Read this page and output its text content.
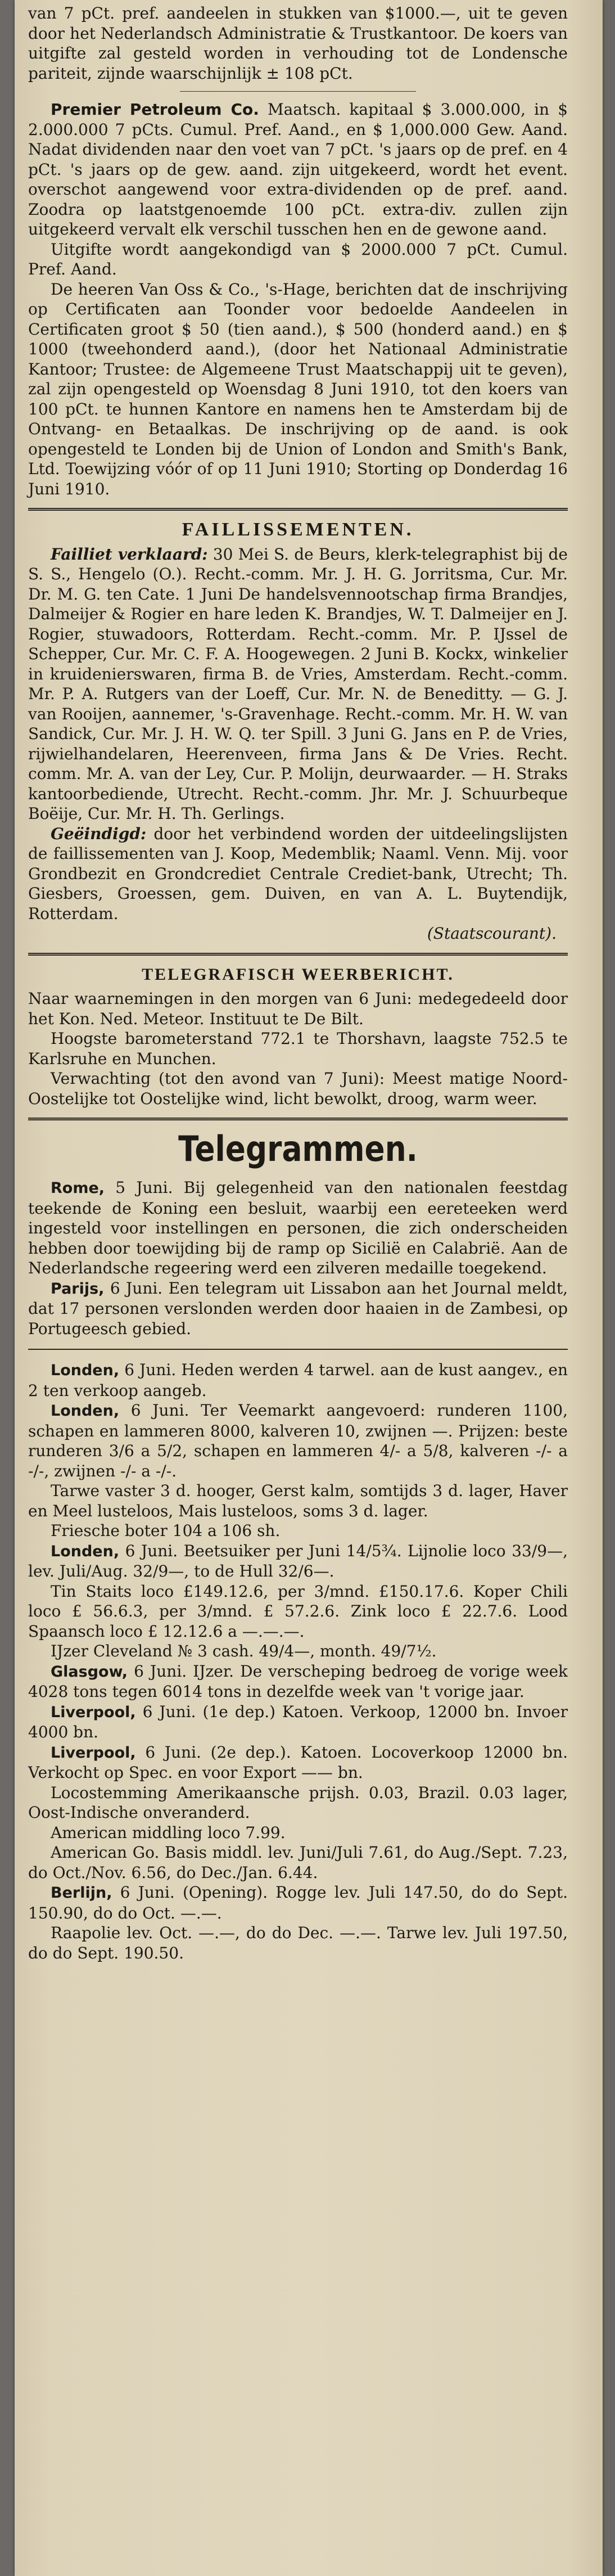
van 7 pCt. pref. aandeelen in stukken van $1000.—, uit te geven door het Nederlandsch Administratie & Trustkantoor. De koers van uitgifte zal gesteld worden in verhouding tot de Londensche pariteit, zijnde waarschijnlijk ± 108 pCt.

Premier Petroleum Co. Maatsch. kapitaal $ 3.000.000, in $ 2.000.000 7 pCts. Cumul. Pref. Aand., en $ 1,000.000 Gew. Aand. Nadat dividenden naar den voet van 7 pCt. 's jaars op de pref. en 4 pCt. 's jaars op de gew. aand. zijn uitgekeerd, wordt het event. overschot aangewend voor extra-dividenden op de pref. aand. Zoodra op laatstgenoemde 100 pCt. extra-div. zullen zijn uitgekeerd vervalt elk verschil tusschen hen en de gewone aand.

Uitgifte wordt aangekondigd van $ 2000.000 7 pCt. Cumul. Pref. Aand.

De heeren Van Oss & Co., 's-Hage, berichten dat de inschrijving op Certificaten aan Toonder voor bedoelde Aandeelen in Certificaten groot $ 50 (tien aand.), $ 500 (honderd aand.) en $ 1000 (tweehonderd aand.), (door het Nationaal Administratie Kantoor; Trustee: de Algemeene Trust Maatschappij uit te geven), zal zijn opengesteld op Woensdag 8 Juni 1910, tot den koers van 100 pCt. te hunnen Kantore en namens hen te Amsterdam bij de Ontvang- en Betaalkas. De inschrijving op de aand. is ook opengesteld te Londen bij de Union of London and Smith's Bank, Ltd. Toewijzing vóór of op 11 Juni 1910; Storting op Donderdag 16 Juni 1910.

FAILLISSEMENTEN.

Failliet verklaard: 30 Mei S. de Beurs, klerk-telegraphist bij de S. S., Hengelo (O.). Recht.-comm. Mr. J. H. G. Jorritsma, Cur. Mr. Dr. M. G. ten Cate. 1 Juni De handelsvennootschap firma Brandjes, Dalmeijer & Rogier en hare leden K. Brandjes, W. T. Dalmeijer en J. Rogier, stuwadoors, Rotterdam. Recht.-comm. Mr. P. IJssel de Schepper, Cur. Mr. C. F. A. Hoogewegen. 2 Juni B. Kockx, winkelier in kruidenierswaren, firma B. de Vries, Amsterdam. Recht.-comm. Mr. P. A. Rutgers van der Loeff, Cur. Mr. N. de Beneditty. — G. J. van Rooijen, aannemer, 's-Gravenhage. Recht.-comm. Mr. H. W. van Sandick, Cur. Mr. J. H. W. Q. ter Spill. 3 Juni G. Jans en P. de Vries, rijwielhandelaren, Heerenveen, firma Jans & De Vries. Recht. comm. Mr. A. van der Ley, Cur. P. Molijn, deurwaarder. — H. Straks kantoorbediende, Utrecht. Recht.-comm. Jhr. Mr. J. Schuurbeque Boëije, Cur. Mr. H. Th. Gerlings.

Geëindigd: door het verbindend worden der uitdeelingslijsten de faillissementen van J. Koop, Medemblik; Naaml. Venn. Mij. voor Grondbezit en Grondcrediet Centrale Crediet-bank, Utrecht; Th. Giesbers, Groessen, gem. Duiven, en van A. L. Buytendijk, Rotterdam.

(Staatscourant).

TELEGRAFISCH WEERBERICHT.

Naar waarnemingen in den morgen van 6 Juni: medegedeeld door het Kon. Ned. Meteor. Instituut te De Bilt.

Hoogste barometerstand 772.1 te Thorshavn, laagste 752.5 te Karlsruhe en Munchen.

Verwachting (tot den avond van 7 Juni): Meest matige Noord-Oostelijke tot Oostelijke wind, licht bewolkt, droog, warm weer.

Telegrammen.

Rome, 5 Juni. Bij gelegenheid van den nationalen feestdag teekende de Koning een besluit, waarbij een eereteeken werd ingesteld voor instellingen en personen, die zich onderscheiden hebben door toewijding bij de ramp op Sicilië en Calabrië. Aan de Nederlandsche regeering werd een zilveren medaille toegekend.

Parijs, 6 Juni. Een telegram uit Lissabon aan het Journal meldt, dat 17 personen verslonden werden door haaien in de Zambesi, op Portugeesch gebied.

Londen, 6 Juni. Heden werden 4 tarwel. aan de kust aangev., en 2 ten verkoop aangeb.

Londen, 6 Juni. Ter Veemarkt aangevoerd: runderen 1100, schapen en lammeren 8000, kalveren 10, zwijnen —. Prijzen: beste runderen 3/6 a 5/2, schapen en lammeren 4/- a 5/8, kalveren -/- a -/-, zwijnen -/- a -/-.

Tarwe vaster 3 d. hooger, Gerst kalm, somtijds 3 d. lager, Haver en Meel lusteloos, Mais lusteloos, soms 3 d. lager.

Friesche boter 104 a 106 sh.

Londen, 6 Juni. Beetsuiker per Juni 14/5¾. Lijnolie loco 33/9—, lev. Juli/Aug. 32/9—, to de Hull 32/6—.

Tin Staits loco £149.12.6, per 3/mnd. £150.17.6. Koper Chili loco £ 56.6.3, per 3/mnd. £ 57.2.6. Zink loco £ 22.7.6. Lood Spaansch loco £ 12.12.6 a —.—.—.

IJzer Cleveland № 3 cash. 49/4—, month. 49/7½.

Glasgow, 6 Juni. IJzer. De verscheping bedroeg de vorige week 4028 tons tegen 6014 tons in dezelfde week van 't vorige jaar.

Liverpool, 6 Juni. (1e dep.) Katoen. Verkoop, 12000 bn. Invoer 4000 bn.

Liverpool, 6 Juni. (2e dep.). Katoen. Locoverkoop 12000 bn. Verkocht op Spec. en voor Export —— bn.

Locostemming Amerikaansche prijsh. 0.03, Brazil. 0.03 lager, Oost-Indische onveranderd.

American middling loco 7.99.

American Go. Basis middl. lev. Juni/Juli 7.61, do Aug./Sept. 7.23, do Oct./Nov. 6.56, do Dec./Jan. 6.44.

Berlijn, 6 Juni. (Opening). Rogge lev. Juli 147.50, do do Sept. 150.90, do do Oct. —.—.

Raapolie lev. Oct. —.—, do do Dec. —.—. Tarwe lev. Juli 197.50, do do Sept. 190.50.
